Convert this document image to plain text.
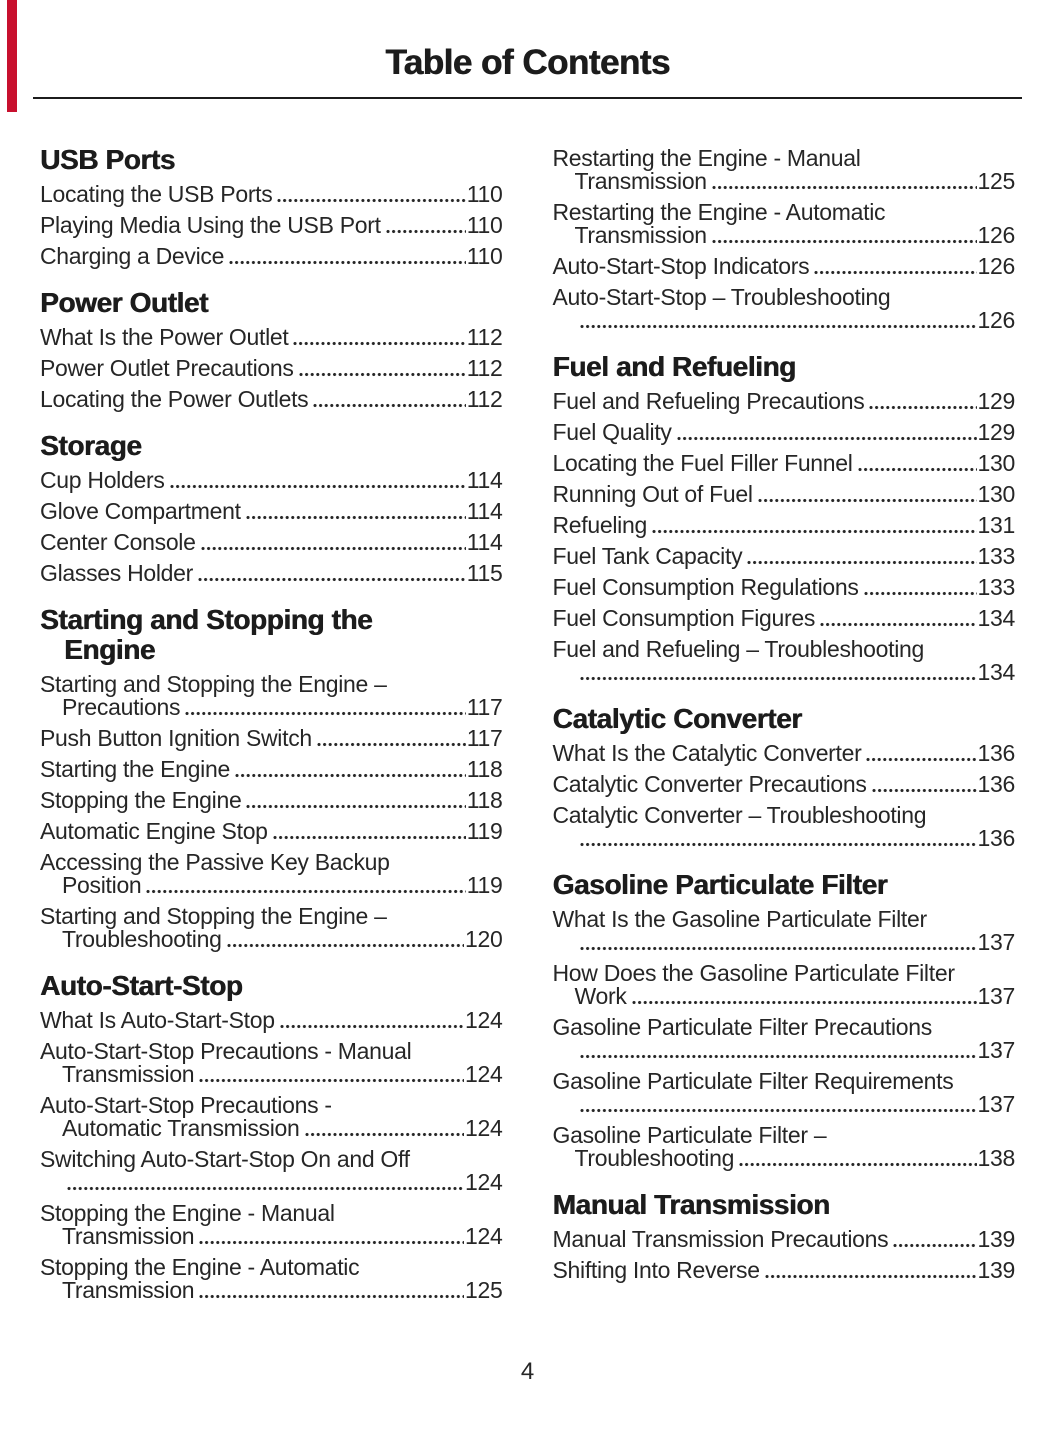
Table of Contents
USB Ports
Locating the USB Ports	110
Playing Media Using the USB Port	110
Charging a Device	110
Power Outlet
What Is the Power Outlet	112
Power Outlet Precautions	112
Locating the Power Outlets	112
Storage
Cup Holders	114
Glove Compartment	114
Center Console	114
Glasses Holder	115
Starting and Stopping the
Engine
Starting and Stopping the Engine –
Precautions	117
Push Button Ignition Switch	117
Starting the Engine	118
Stopping the Engine	118
Automatic Engine Stop	119
Accessing the Passive Key Backup
Position	119
Starting and Stopping the Engine –
Troubleshooting	120
Auto-Start-Stop
What Is Auto-Start-Stop	124
Auto-Start-Stop Precautions - Manual
Transmission	124
Auto-Start-Stop Precautions -
Automatic Transmission	124
Switching Auto-Start-Stop On and Off
124
Stopping the Engine - Manual
Transmission	124
Stopping the Engine - Automatic
Transmission	125
Restarting the Engine - Manual
Transmission	125
Restarting the Engine - Automatic
Transmission	126
Auto-Start-Stop Indicators	126
Auto-Start-Stop – Troubleshooting
126
Fuel and Refueling
Fuel and Refueling Precautions	129
Fuel Quality	129
Locating the Fuel Filler Funnel	130
Running Out of Fuel	130
Refueling	131
Fuel Tank Capacity	133
Fuel Consumption Regulations	133
Fuel Consumption Figures	134
Fuel and Refueling – Troubleshooting
134
Catalytic Converter
What Is the Catalytic Converter	136
Catalytic Converter Precautions	136
Catalytic Converter – Troubleshooting
136
Gasoline Particulate Filter
What Is the Gasoline Particulate Filter
137
How Does the Gasoline Particulate Filter
Work	137
Gasoline Particulate Filter Precautions
137
Gasoline Particulate Filter Requirements
137
Gasoline Particulate Filter –
Troubleshooting	138
Manual Transmission
Manual Transmission Precautions	139
Shifting Into Reverse	139
4
